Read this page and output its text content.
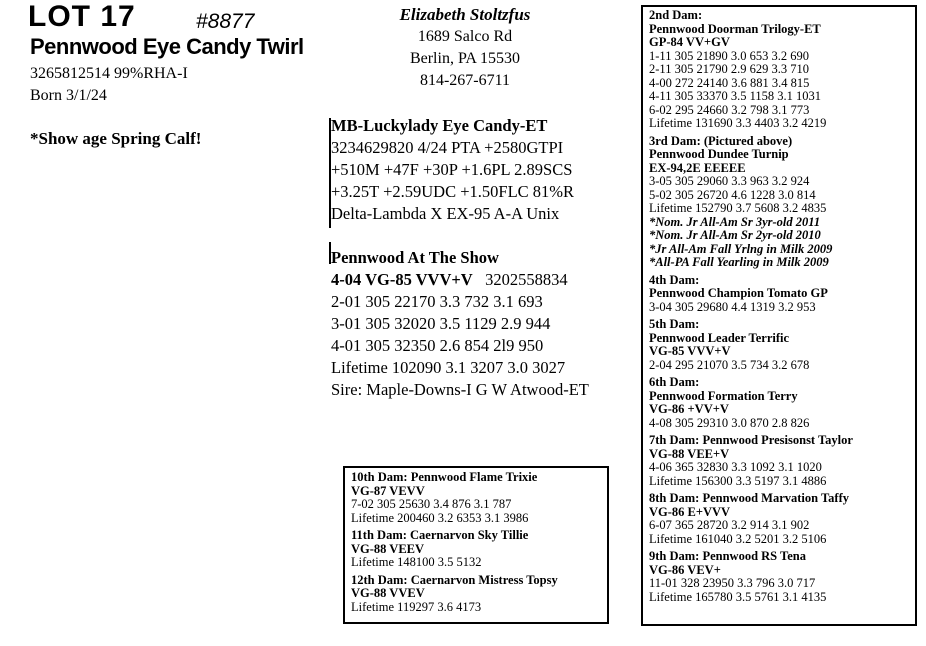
LOT 17	#8877
Pennwood Eye Candy Twirl
3265812514 99%RHA-I
Born 3/1/24
*Show age Spring Calf!
Elizabeth Stoltzfus
1689 Salco Rd
Berlin, PA 15530
814-267-6711
MB-Luckylady Eye Candy-ET
3234629820 4/24 PTA +2580GTPI
+510M +47F +30P +1.6PL 2.89SCS
+3.25T +2.59UDC +1.50FLC 81%R
Delta-Lambda X EX-95 A-A Unix
Pennwood At The Show
4-04 VG-85 VVV+V 3202558834
2-01 305 22170 3.3 732 3.1 693
3-01 305 32020 3.5 1129 2.9 944
4-01 305 32350 2.6 854 2l9 950
Lifetime 102090 3.1 3207 3.0 3027
Sire: Maple-Downs-I G W Atwood-ET
2nd Dam:
Pennwood Doorman Trilogy-ET
GP-84 VV+GV
1-11 305 21890 3.0 653 3.2 690
2-11 305 21790 2.9 629 3.3 710
4-00 272 24140 3.6 881 3.4 815
4-11 305 33370 3.5 1158 3.1 1031
6-02 295 24660 3.2 798 3.1 773
Lifetime 131690 3.3 4403 3.2 4219
3rd Dam: (Pictured above)
Pennwood Dundee Turnip
EX-94,2E EEEEE
3-05 305 29060 3.3 963 3.2 924
5-02 305 26720 4.6 1228 3.0 814
Lifetime 152790 3.7 5608 3.2 4835
*Nom. Jr All-Am Sr 3yr-old 2011
*Nom. Jr All-Am Sr 2yr-old 2010
*Jr All-Am Fall Yrlng in Milk 2009
*All-PA Fall Yearling in Milk 2009
4th Dam:
Pennwood Champion Tomato GP
3-04 305 29680 4.4 1319 3.2 953
5th Dam:
Pennwood Leader Terrific
VG-85 VVV+V
2-04 295 21070 3.5 734 3.2 678
6th Dam:
Pennwood Formation Terry
VG-86 +VV+V
4-08 305 29310 3.0 870 2.8 826
7th Dam: Pennwood Presisonst Taylor
VG-88 VEE+V
4-06 365 32830 3.3 1092 3.1 1020
Lifetime 156300 3.3 5197 3.1 4886
8th Dam: Pennwood Marvation Taffy
VG-86 E+VVV
6-07 365 28720 3.2 914 3.1 902
Lifetime 161040 3.2 5201 3.2 5106
9th Dam: Pennwood RS Tena
VG-86 VEV+
11-01 328 23950 3.3 796 3.0 717
Lifetime 165780 3.5 5761 3.1 4135
10th Dam: Pennwood Flame Trixie
VG-87 VEVV
7-02 305 25630 3.4 876 3.1 787
Lifetime 200460 3.2 6353 3.1 3986
11th Dam: Caernarvon Sky Tillie
VG-88 VEEV
Lifetime 148100 3.5 5132
12th Dam: Caernarvon Mistress Topsy
VG-88 VVEV
Lifetime 119297 3.6 4173
